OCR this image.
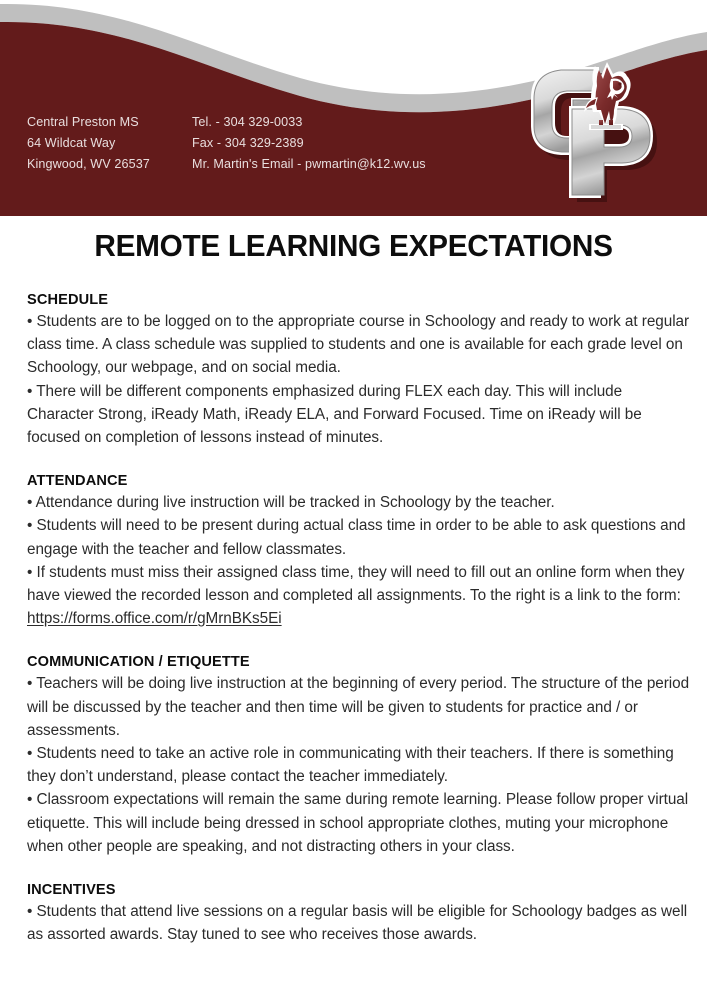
Central Preston MS
64 Wildcat Way
Kingwood, WV 26537
Tel. - 304 329-0033
Fax - 304 329-2389
Mr. Martin's Email - pwmartin@k12.wv.us
REMOTE LEARNING EXPECTATIONS
SCHEDULE

• Students are to be logged on to the appropriate course in Schoology and ready to work at regular class time. A class schedule was supplied to students and one is available for each grade level on Schoology, our webpage, and on social media.

• There will be different components emphasized during FLEX each day. This will include Character Strong, iReady Math, iReady ELA, and Forward Focused. Time on iReady will be focused on completion of lessons instead of minutes.

ATTENDANCE

• Attendance during live instruction will be tracked in Schoology by the teacher.

• Students will need to be present during actual class time in order to be able to ask questions and engage with the teacher and fellow classmates.

• If students must miss their assigned class time, they will need to fill out an online form when they have viewed the recorded lesson and completed all assignments. To the right is a link to the form: https://forms.office.com/r/gMrnBKs5Ei

COMMUNICATION / ETIQUETTE

• Teachers will be doing live instruction at the beginning of every period. The structure of the period will be discussed by the teacher and then time will be given to students for practice and / or assessments.

• Students need to take an active role in communicating with their teachers. If there is something they don’t understand, please contact the teacher immediately.

• Classroom expectations will remain the same during remote learning. Please follow proper virtual etiquette. This will include being dressed in school appropriate clothes, muting your microphone when other people are speaking, and not distracting others in your class.

INCENTIVES

• Students that attend live sessions on a regular basis will be eligible for Schoology badges as well as assorted awards. Stay tuned to see who receives those awards.
